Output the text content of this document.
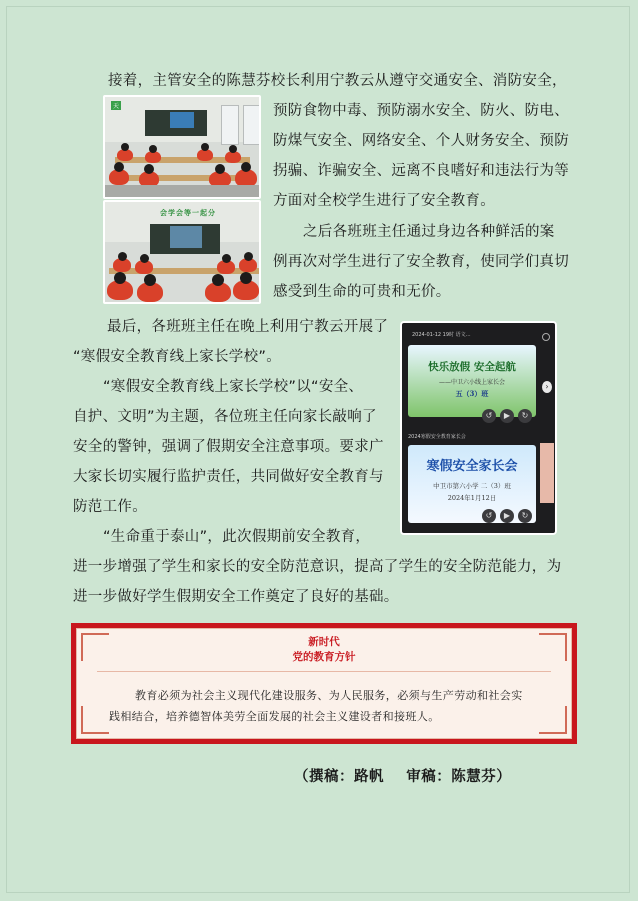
接着，主管安全的陈慧芬校长利用宁教云从遵守交通安全、消防安全，
预防食物中毒、预防溺水安全、防火、防电、
防煤气安全、网络安全、个人财务安全、预防
拐骗、诈骗安全、远离不良嗜好和违法行为等
方面对全校学生进行了安全教育。
之后各班班主任通过身边各种鲜活的案
例再次对学生进行了安全教育，使同学们真切
感受到生命的可贵和无价。
天
会学会等一起分
最后，各班班主任在晚上利用宁教云开展了
“寒假安全教育线上家长学校”。
“寒假安全教育线上家长学校”以“安全、
自护、文明”为主题，各位班主任向家长敲响了
安全的警钟，强调了假期安全注意事项。要求广
大家长切实履行监护责任，共同做好安全教育与
防范工作。
2024-01-12 19时 语文…
快乐放假 安全起航
——中卫六小线上家长会
五（3）班
↺	▶	↻
›
2024寒假安全教育家长会
寒假安全家长会
中卫市第六小学 二（3）班
2024年1月12日
↺	▶	↻
“生命重于泰山”，此次假期前安全教育，
进一步增强了学生和家长的安全防范意识，提高了学生的安全防范能力，为
进一步做好学生假期安全工作奠定了良好的基础。
新时代
党的教育方针
教育必须为社会主义现代化建设服务、为人民服务，必须与生产劳动和社会实
践相结合，培养德智体美劳全面发展的社会主义建设者和接班人。
（撰稿：路帆    审稿：陈慧芬）
